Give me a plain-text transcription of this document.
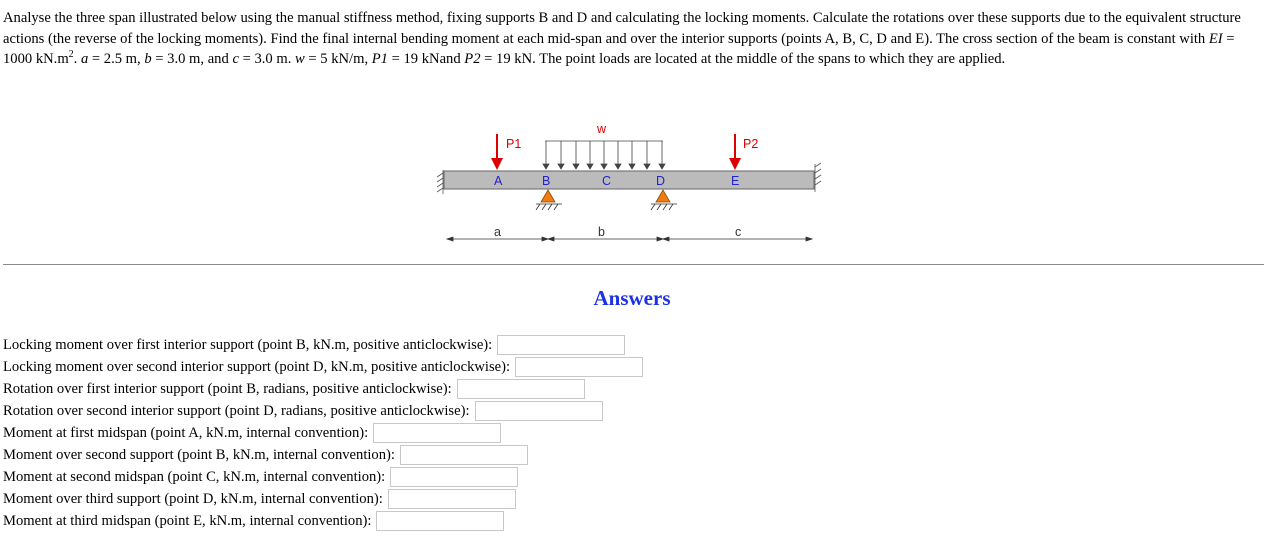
Analyse the three span illustrated below using the manual stiffness method, fixing supports B and D and calculating the locking moments. Calculate the rotations over these supports due to the equivalent structure actions (the reverse of the locking moments). Find the final internal bending moment at each mid-span and over the interior supports (points A, B, C, D and E). The cross section of the beam is constant with EI = 1000 $kN.m^2$. a = 2.5 m, b = 3.0 m, and c = 3.0 m. w = 5 kN/m, P1 = 19 kNand P2 = 19 kN. The point loads are located at the middle of the spans to which they are applied.

w
P1	P2
A	B	C	D	E
a	b	c
Answers
Locking moment over first interior support (point B, kN.m, positive anticlockwise):
Locking moment over second interior support (point D, kN.m, positive anticlockwise):
Rotation over first interior support (point B, radians, positive anticlockwise):
Rotation over second interior support (point D, radians, positive anticlockwise):
Moment at first midspan (point A, kN.m, internal convention):
Moment over second support (point B, kN.m, internal convention):
Moment at second midspan (point C, kN.m, internal convention):
Moment over third support (point D, kN.m, internal convention):
Moment at third midspan (point E, kN.m, internal convention):
